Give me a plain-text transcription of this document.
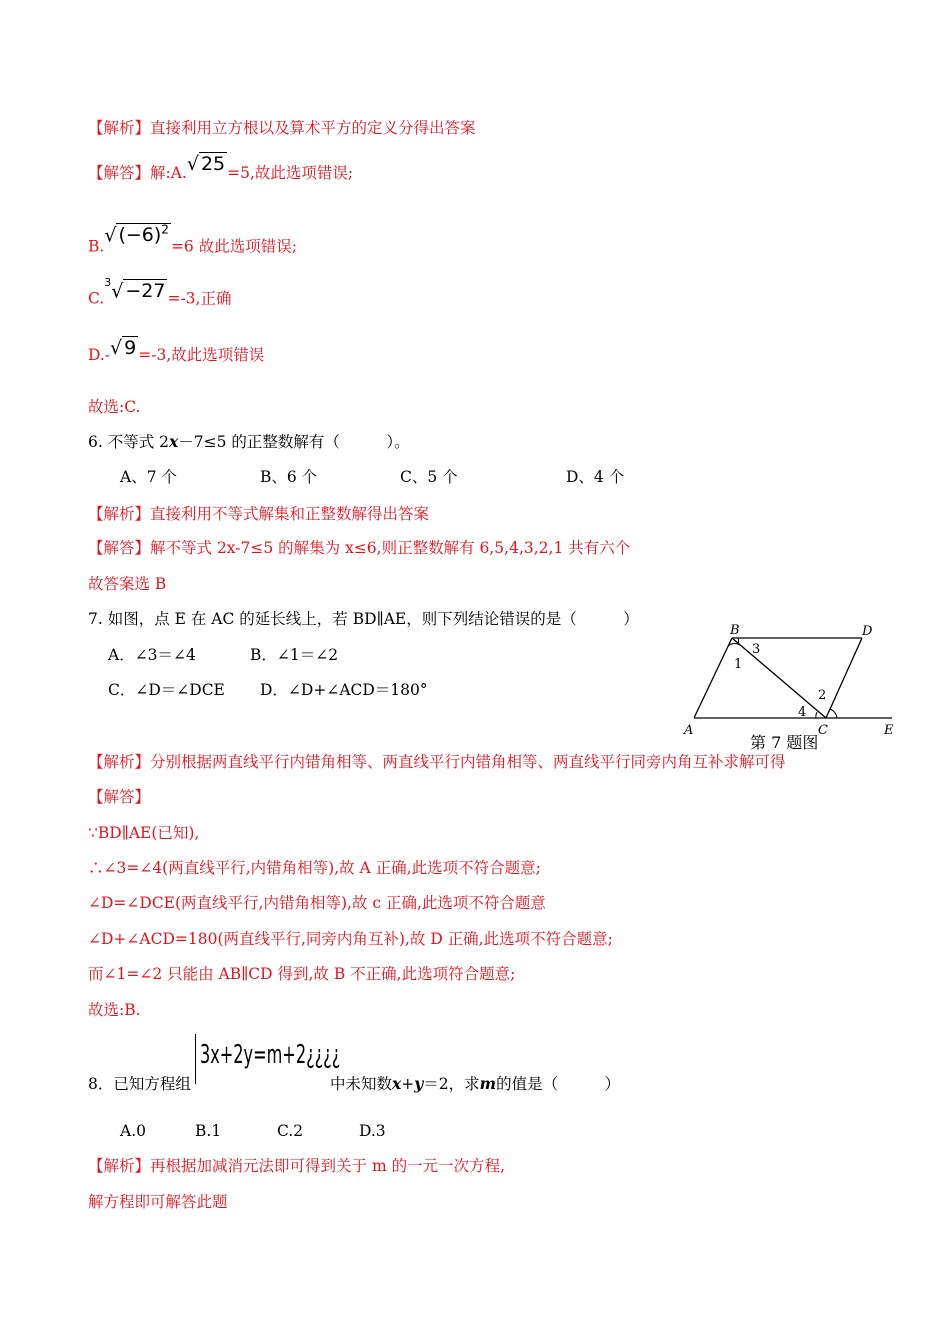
【解析】直接利用立方根以及算术平方的定义分得出答案
【解答】解:A.√ 25 =5,故此选项错误;
B.√ $(-6)^2=6$ 故此选项错误;
C.$^3$√ −27 =-3,正确
D.-√ 9 =-3,故此选项错误
故选:C.
6. 不等式 2x－7≤5 的正整数解有（　　　）。
A、7 个	B、6 个	C、5 个	D、4 个
【解析】直接利用不等式解集和正整数解得出答案
【解答】解不等式 2x-7≤5 的解集为 x≤6,则正整数解有 6,5,4,3,2,1 共有六个
故答案选 B
7. 如图，点 E 在 AC 的延长线上，若 BD∥AE，则下列结论错误的是（　　　）
A．∠3＝∠4	B．∠1＝∠2
C．∠D＝∠DCE D．∠D+∠ACD＝180°
B	D
A	C	E
1
2
3
4
第 7 题图
【解析】分别根据两直线平行内错角相等、两直线平行内错角相等、两直线平行同旁内角互补求解可得
【解答】
∵BD∥AE(已知),
∴∠3=∠4(两直线平行,内错角相等),故 A 正确,此选项不符合题意;
∠D=∠DCE(两直线平行,内错角相等),故 c 正确,此选项不符合题意
∠D+∠ACD=180(两直线平行,同旁内角互补),故 D 正确,此选项不符合题意;
而∠1=∠2 只能由 AB∥CD 得到,故 B 不正确,此选项符合题意;
故选:B.
8．已知方程组
3x+2y=m+2¿¿¿¿
中未知数x+y＝2，求m的值是（　　　）
A.0	B.1	C.2	D.3
【解析】再根据加减消元法即可得到关于 m 的一元一次方程,
解方程即可解答此题
